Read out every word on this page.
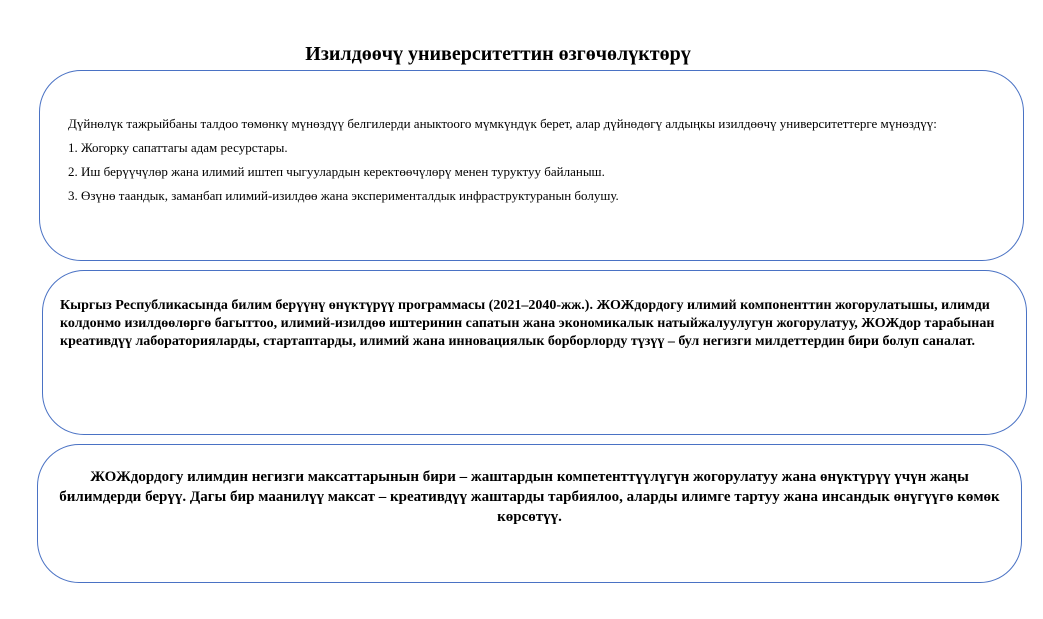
Изилдөөчү университеттин өзгөчөлүктөрү

Дүйнөлүк тажрыйбаны талдоо төмөнкү мүнөздүү белгилерди аныктоого мүмкүндүк берет, алар дүйнөдөгү алдыңкы изилдөөчү университеттерге мүнөздүү:

1. Жогорку сапаттагы адам ресурстары.

2. Иш берүүчүлөр жана илимий иштеп чыгуулардын керектөөчүлөрү менен туруктуу байланыш.

3. Өзүнө таандык, заманбап илимий-изилдөө жана эксперименталдык инфраструктуранын болушу.

Кыргыз Республикасында билим берүүнү өнүктүрүү программасы (2021–2040-жж.). ЖОЖдордогу илимий компоненттин жогорулатышы, илимди колдонмо изилдөөлөргө багыттоо, илимий-изилдөө иштеринин сапатын жана экономикалык натыйжалуулугун жогорулатуу, ЖОЖдор тарабынан креативдүү лабораторияларды, стартаптарды, илимий жана инновациялык борборлорду түзүү – бул негизги милдеттердин бири болуп саналат.
ЖОЖдордогу илимдин негизги максаттарынын бири – жаштардын компетенттүүлүгүн жогорулатуу жана өнүктүрүү үчүн жаңы билимдерди берүү. Дагы бир маанилүү максат – креативдүү жаштарды тарбиялоо, аларды илимге тартуу жана инсандык өнүгүүгө көмөк көрсөтүү.
